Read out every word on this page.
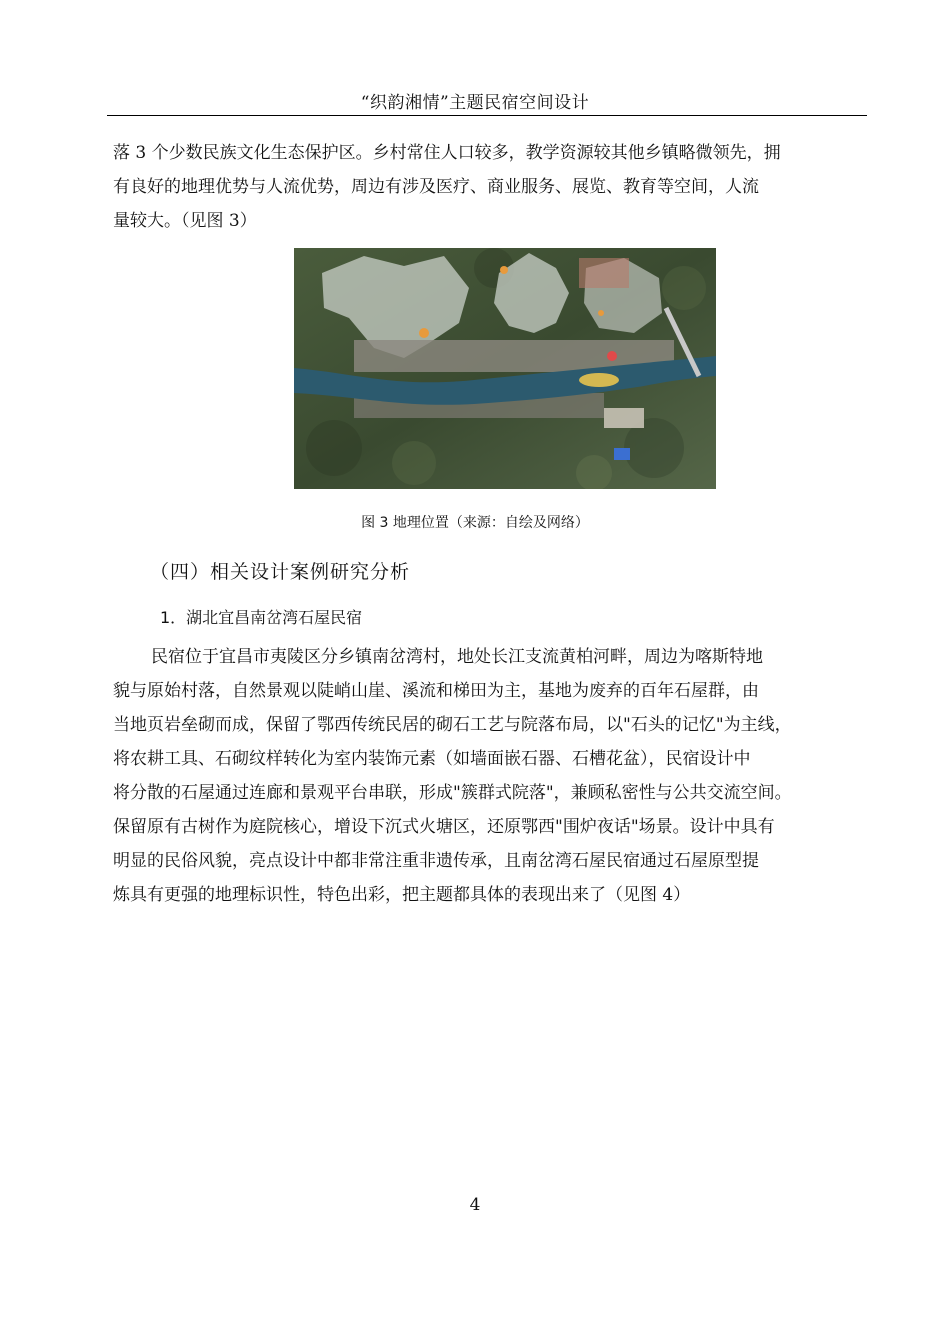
“织韵湘情”主题民宿空间设计
落 3 个少数民族文化生态保护区。乡村常住人口较多，教学资源较其他乡镇略微领先，拥
有良好的地理优势与人流优势，周边有涉及医疗、商业服务、展览、教育等空间，人流
量较大。（见图 3）
图 3 地理位置（来源：自绘及网络）
（四）相关设计案例研究分析
1．湖北宜昌南岔湾石屋民宿
民宿位于宜昌市夷陵区分乡镇南岔湾村，地处长江支流黄柏河畔，周边为喀斯特地
貌与原始村落，自然景观以陡峭山崖、溪流和梯田为主，基地为废弃的百年石屋群，由
当地页岩垒砌而成，保留了鄂西传统民居的砌石工艺与院落布局，以"石头的记忆"为主线，
将农耕工具、石砌纹样转化为室内装饰元素（如墙面嵌石器、石槽花盆），民宿设计中
将分散的石屋通过连廊和景观平台串联，形成"簇群式院落"，兼顾私密性与公共交流空间。
保留原有古树作为庭院核心，增设下沉式火塘区，还原鄂西"围炉夜话"场景。设计中具有
明显的民俗风貌，亮点设计中都非常注重非遗传承，且南岔湾石屋民宿通过石屋原型提
炼具有更强的地理标识性，特色出彩，把主题都具体的表现出来了（见图 4）
4
